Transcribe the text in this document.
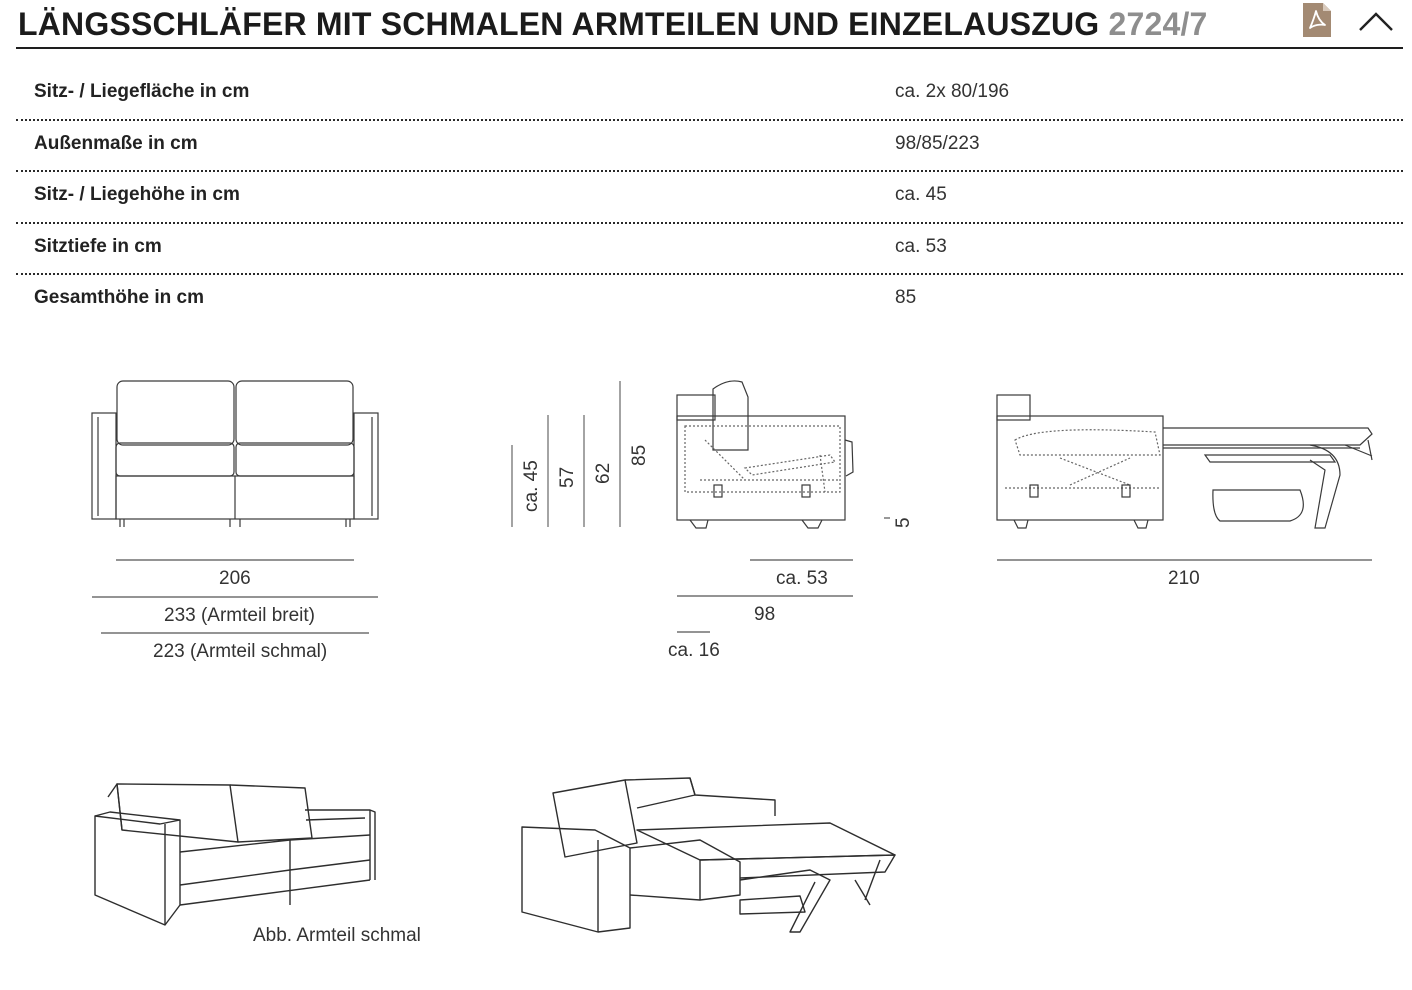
LÄNGSSCHLÄFER MIT SCHMALEN ARMTEILEN UND EINZELAUSZUG 2724/7
Sitz- / Liegefläche in cm	ca. 2x 80/196
Außenmaße in cm	98/85/223
Sitz- / Liegehöhe in cm	ca. 45
Sitztiefe in cm	ca. 53
Gesamthöhe in cm	85
206
233 (Armteil breit)
223 (Armteil schmal)
ca. 45 57 62
85
5
ca. 53
98
ca. 16
210
Abb. Armteil schmal
